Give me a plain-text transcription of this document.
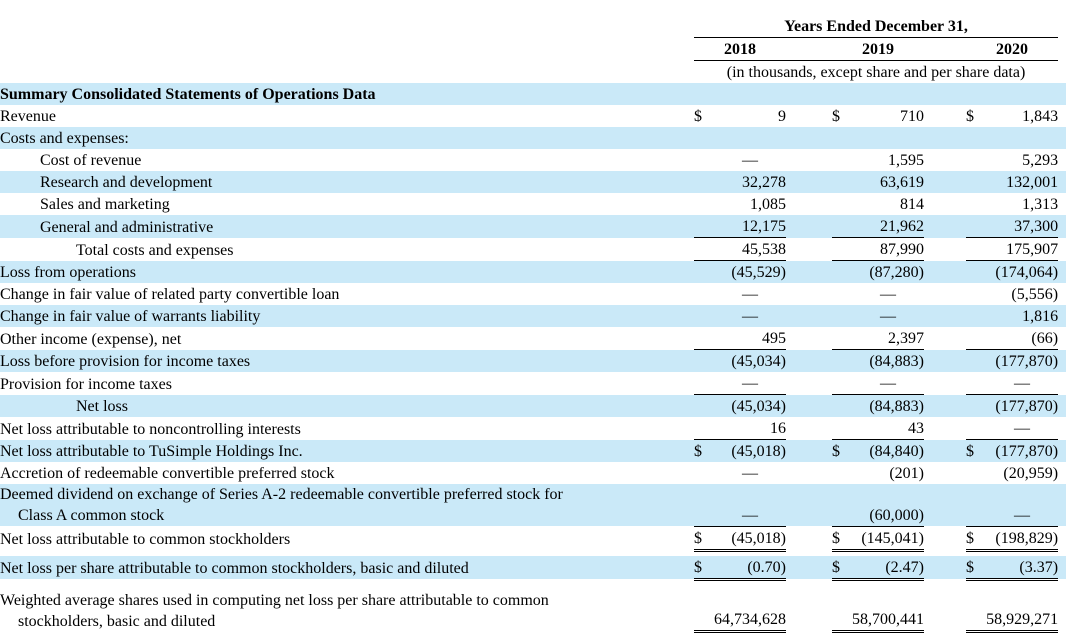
	Years Ended December 31,								
	2018			2019			2020		
	(in thousands, except share and per share data)								
Summary Consolidated Statements of Operations Data									
Revenue	$	9		$	710		$	1,843	
Costs and expenses:									
Cost of revenue		—			1,595			5,293	
Research and development		32,278			63,619			132,001	
Sales and marketing		1,085			814			1,313	
General and administrative		12,175			21,962			37,300	
Total costs and expenses		45,538			87,990			175,907	
Loss from operations		(45,529)			(87,280)			(174,064)	
Change in fair value of related party convertible loan		—			—			(5,556)	
Change in fair value of warrants liability		—			—			1,816	
Other income (expense), net		495			2,397			(66)	
Loss before provision for income taxes		(45,034)			(84,883)			(177,870)	
Provision for income taxes		—			—			—	
Net loss		(45,034)			(84,883)			(177,870)	
Net loss attributable to noncontrolling interests		16			43			—	
Net loss attributable to TuSimple Holdings Inc.	$	(45,018)		$	(84,840)		$	(177,870)	
Accretion of redeemable convertible preferred stock		—			(201)			(20,959)	
Deemed dividend on exchange of Series A-2 redeemable convertible preferred stock for
Class A common stock		—			(60,000)			—	
Net loss attributable to common stockholders	$	(45,018)		$	(145,041)		$	(198,829)	

Net loss per share attributable to common stockholders, basic and diluted	$	(0.70)		$	(2.47)		$	(3.37)	

Weighted average shares used in computing net loss per share attributable to common
stockholders, basic and diluted		64,734,628			58,700,441			58,929,271	
